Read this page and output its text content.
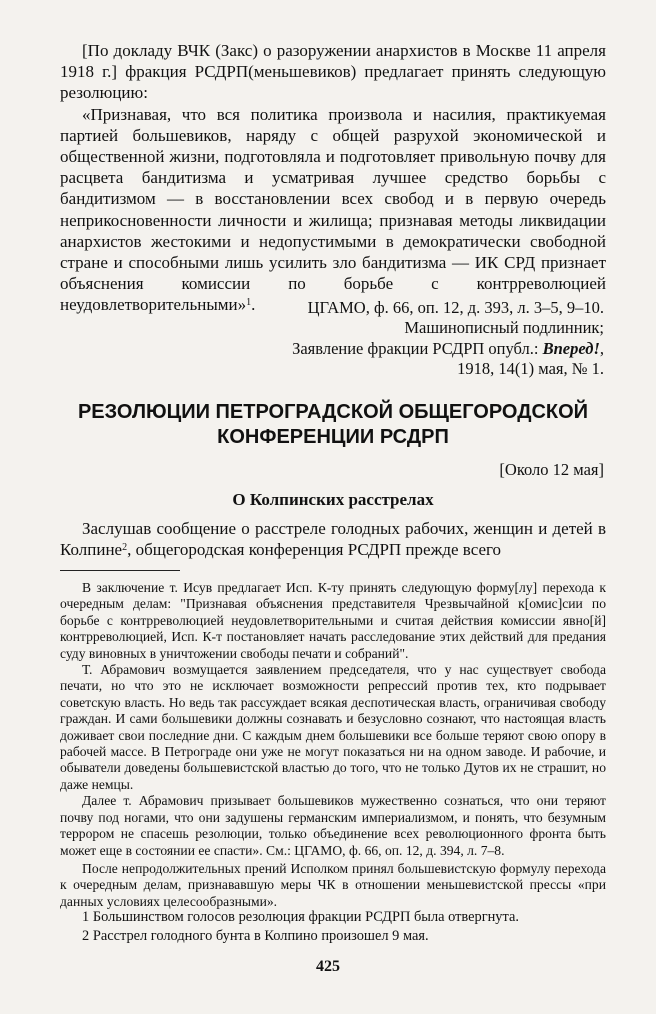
[По докладу ВЧК (Закс) о разоружении анархистов в Москве 11 апреля 1918 г.] фракция РСДРП(меньшевиков) предлагает принять следующую резолюцию:

«Признавая, что вся политика произвола и насилия, практикуемая партией большевиков, наряду с общей разрухой экономической и общественной жизни, подготовляла и подготовляет привольную почву для расцвета бандитизма и усматривая лучшее средство борьбы с бандитизмом — в восстановлении всех свобод и в первую очередь неприкосновенности личности и жилища; признавая методы ликвидации анархистов жестокими и недопустимыми в демократически свободной стране и способными лишь усилить зло бандитизма — ИК СРД признает объяснения комиссии по борьбе с контрреволюцией неудовлетворительными»$^1$.	ЦГАМО, ф. 66, оп. 12, д. 393, л. 3–5, 9–10.
Машинописный подлинник;
Заявление фракции РСДРП опубл.: Вперед!,
1918, 14(1) мая, № 1.
РЕЗОЛЮЦИИ ПЕТРОГРАДСКОЙ ОБЩЕГОРОДСКОЙ
КОНФЕРЕНЦИИ РСДРП
[Около 12 мая]
О Колпинских расстрелах

Заслушав сообщение о расстреле голодных рабочих, женщин и детей в Колпине$^2$, общегородская конференция РСДРП прежде всего

В заключение т. Исув предлагает Исп. К-ту принять следующую форму[лу] перехода к очередным делам: "Признавая объяснения представителя Чрезвычайной к[омис]сии по борьбе с контрреволюцией неудовлетворительными и считая действия комиссии явно[й] контрреволюцией, Исп. К-т постановляет начать расследование этих действий для предания суду виновных в уничтожении свободы печати и собраний".

Т. Абрамович возмущается заявлением председателя, что у нас существует свобода печати, но что это не исключает возможности репрессий против тех, кто подрывает советскую власть. Но ведь так рассуждает всякая деспотическая власть, ограничивая свободу граждан. И сами большевики должны сознавать и безусловно сознают, что настоящая власть доживает свои последние дни. С каждым днем большевики все больше теряют свою опору в рабочей массе. В Петрограде они уже не могут показаться ни на одном заводе. И рабочие, и обыватели доведены большевистской властью до того, что не только Дутов их не страшит, но даже немцы.

Далее т. Абрамович призывает большевиков мужественно сознаться, что они теряют почву под ногами, что они задушены германским империализмом, и понять, что безумным террором не спасешь резолюции, только объединение всех революционного фронта быть может еще в состоянии ее спасти». См.: ЦГАМО, ф. 66, оп. 12, д. 394, л. 7–8.

После непродолжительных прений Исполком принял большевистскую формулу перехода к очередным делам, признававшую меры ЧК в отношении меньшевистской прессы «при данных условиях целесообразными».

1 Большинством голосов резолюция фракции РСДРП была отвергнута.

2 Расстрел голодного бунта в Колпино произошел 9 мая.

425
